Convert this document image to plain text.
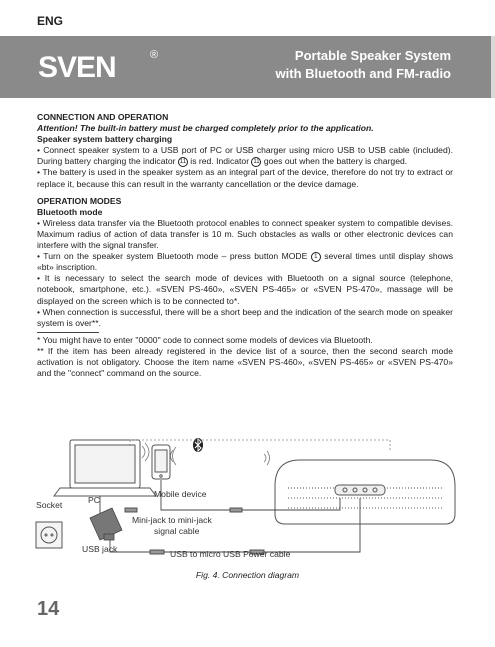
ENG
SVEN	®	Portable Speaker System
with Bluetooth and FM-radio
CONNECTION AND OPERATION
Attention! The built-in battery must be charged completely prior to the application.
Speaker system battery charging
• Connect speaker system to a USB port of PC or USB charger using micro USB to USB cable (included). During battery charging the indicator 11 is red. Indicator 11 goes out when the battery is charged.
• The battery is used in the speaker system as an integral part of the device, therefore do not try to extract or replace it, because this can result in the warranty cancellation or the device damage.
OPERATION MODES
Bluetooth mode
• Wireless data transfer via the Bluetooth protocol enables to connect speaker system to compatible devises. Maximum radius of action of data transfer is 10 m. Such obstacles as walls or other electronic devices can interfere with the signal transfer.
• Turn on the speaker system Bluetooth mode – press button MODE 1 several times until display shows «bt» inscription.
• It is necessary to select the search mode of devices with Bluetooth on a signal source (telephone, notebook, smartphone, etc.). «SVEN PS-460», «SVEN PS-465» or «SVEN PS-470», massage will be displayed on the screen which is to be connected to*.
• When connection is successful, there will be a short beep and the indication of the search mode on speaker system is over**.
* You might have to enter "0000" code to connect some models of devices via Bluetooth.
** If the item has been already registered in the device list of a source, then the second search mode activation is not obligatory. Choose the item name «SVEN PS-460», «SVEN PS-465» or «SVEN PS-470» and the "connect" command on the source.
Socket	PC
Mobile device
Mini-jack to mini-jack
signal cable
USB jack	USB to micro USB Power cable
Fig. 4. Connection diagram
14
